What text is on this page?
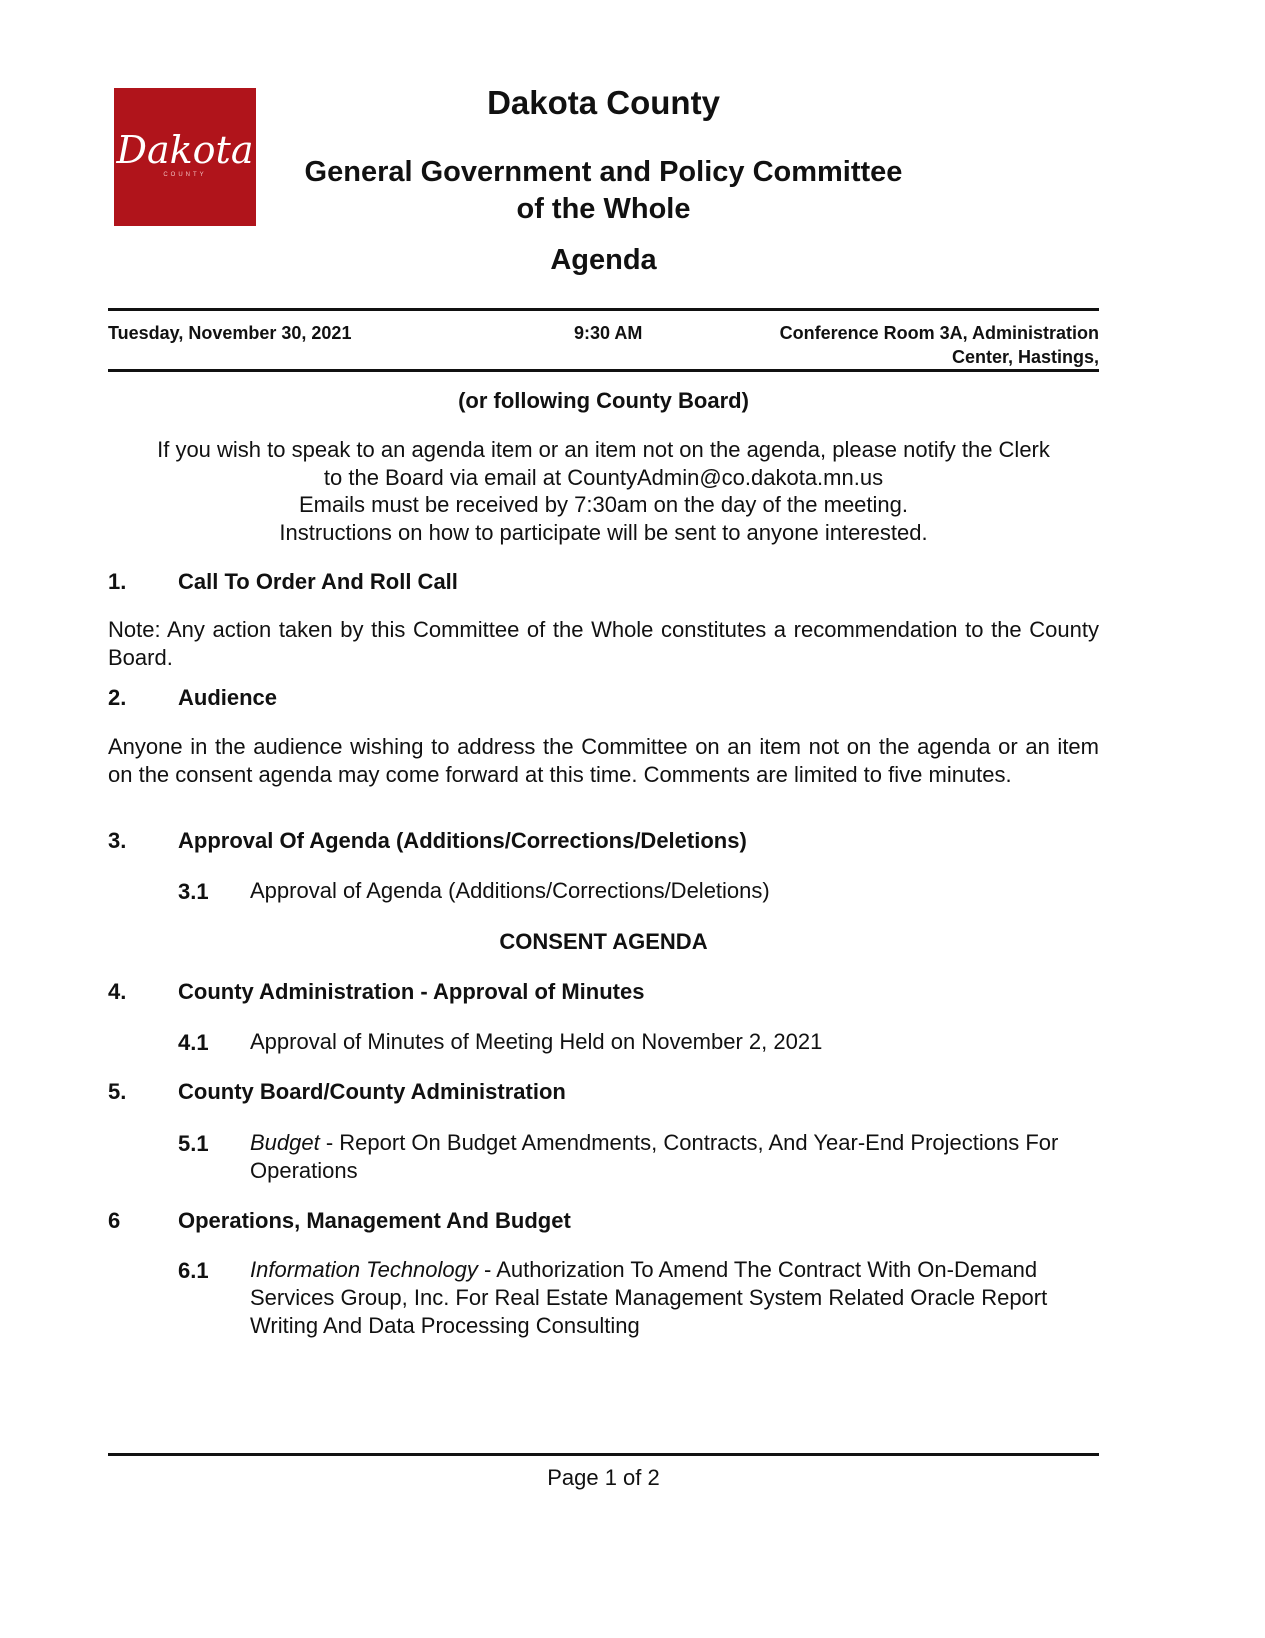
Dakota
COUNTY
Dakota County
General Government and Policy Committee
of the Whole
Agenda
Tuesday, November 30, 2021	9:30 AM	Conference Room 3A, Administration
Center, Hastings,
(or following County Board)
If you wish to speak to an agenda item or an item not on the agenda, please notify the Clerk
to the Board via email at CountyAdmin@co.dakota.mn.us
Emails must be received by 7:30am on the day of the meeting.
Instructions on how to participate will be sent to anyone interested.
1. Call To Order And Roll Call
Note: Any action taken by this Committee of the Whole constitutes a recommendation to the County Board.
2. Audience
Anyone in the audience wishing to address the Committee on an item not on the agenda or an item on the consent agenda may come forward at this time. Comments are limited to five minutes.
3. Approval Of Agenda (Additions/Corrections/Deletions)
3.1 Approval of Agenda (Additions/Corrections/Deletions)
CONSENT AGENDA
4. County Administration - Approval of Minutes
4.1 Approval of Minutes of Meeting Held on November 2, 2021
5. County Board/County Administration
5.1 Budget - Report On Budget Amendments, Contracts, And Year-End Projections For Operations
6	Operations, Management And Budget
6.1 Information Technology - Authorization To Amend The Contract With On-Demand Services Group, Inc. For Real Estate Management System Related Oracle Report Writing And Data Processing Consulting
Page 1 of 2
